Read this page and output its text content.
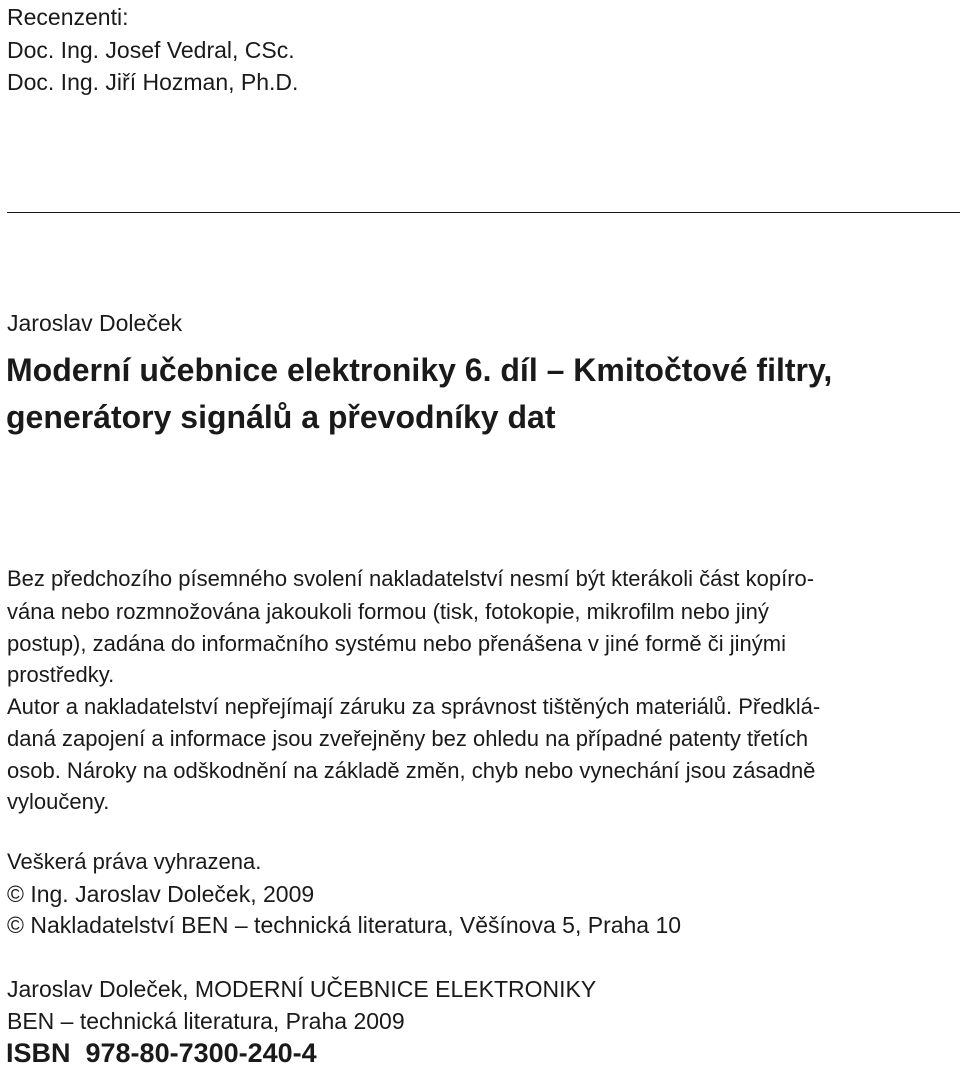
Recenzenti:
Doc. Ing. Josef Vedral, CSc.
Doc. Ing. Jiří Hozman, Ph.D.
Jaroslav Doleček
Moderní učebnice elektroniky 6. díl – Kmitočtové filtry,
generátory signálů a převodníky dat
Bez předchozího písemného svolení nakladatelství nesmí být kterákoli část kopíro-
vána nebo rozmnožována jakoukoli formou (tisk, fotokopie, mikrofilm nebo jiný
postup), zadána do informačního systému nebo přenášena v jiné formě či jinými
prostředky.
Autor a nakladatelství nepřejímají záruku za správnost tištěných materiálů. Předklá-
daná zapojení a informace jsou zveřejněny bez ohledu na případné patenty třetích
osob. Nároky na odškodnění na základě změn, chyb nebo vynechání jsou zásadně
vyloučeny.
Veškerá práva vyhrazena.
© Ing. Jaroslav Doleček, 2009
© Nakladatelství BEN – technická literatura, Věšínova 5, Praha 10
Jaroslav Doleček, MODERNÍ UČEBNICE ELEKTRONIKY
BEN – technická literatura, Praha 2009
ISBN  978-80-7300-240-4
